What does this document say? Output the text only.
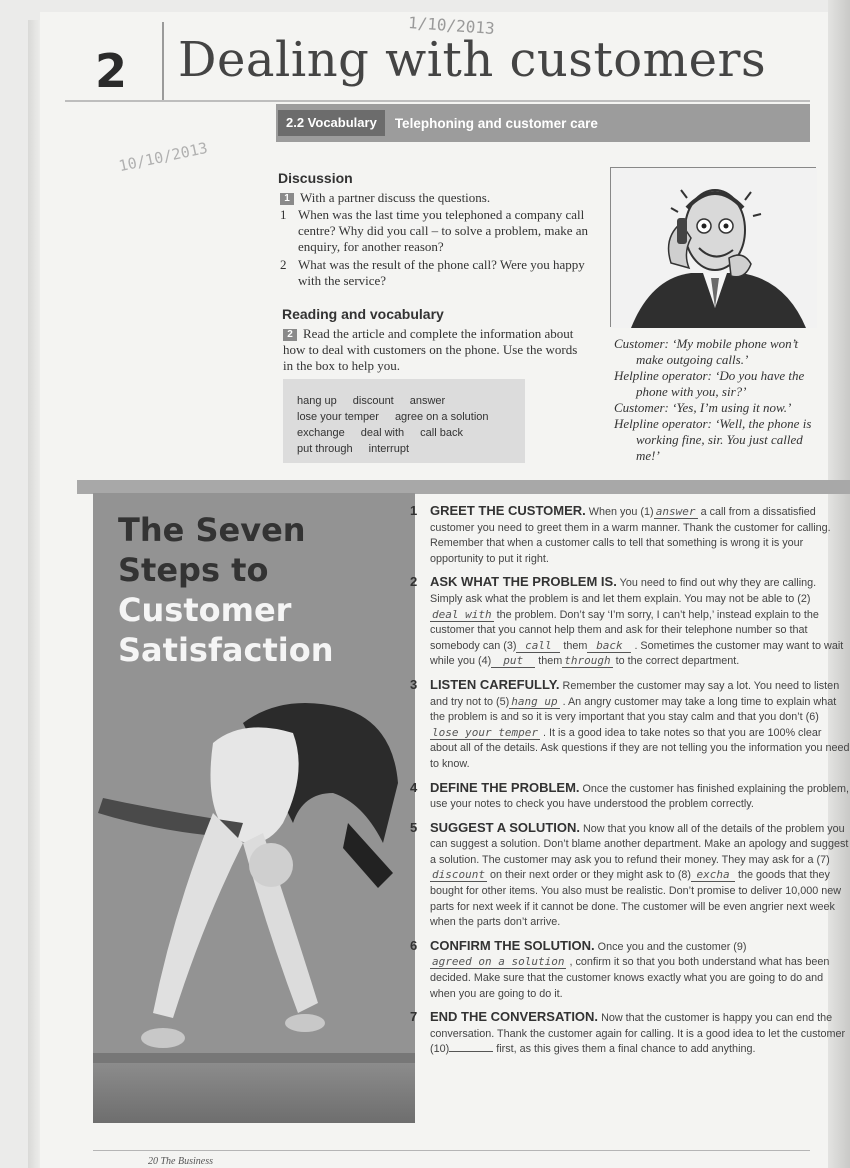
1/10/2013
10/10/2013
2 Dealing with customers
2.2 Vocabulary	Telephoning and customer care
Discussion
1 With a partner discuss the questions.
1 When was the last time you telephoned a company call centre? Why did you call – to solve a problem, make an enquiry, for another reason?
2 What was the result of the phone call? Were you happy with the service?
Reading and vocabulary
2 Read the article and complete the information about how to deal with customers on the phone. Use the words in the box to help you.
hang up discount answer
lose your temper agree on a solution
exchange deal with call back
put through interrupt

Customer: ‘My mobile phone won’t make outgoing calls.’

Helpline operator: ‘Do you have the phone with you, sir?’

Customer: ‘Yes, I’m using it now.’

Helpline operator: ‘Well, the phone is working fine, sir. You just called me!’

The Seven
Steps to
Customer
Satisfaction
1 GREET THE CUSTOMER. When you (1) answer a call from a dissatisfied customer you need to greet them in a warm manner. Thank the customer for calling. Remember that when a customer calls to tell that something is wrong it is your opportunity to put it right.
2 ASK WHAT THE PROBLEM IS. You need to find out why they are calling. Simply ask what the problem is and let them explain. You may not be able to (2)deal with the problem. Don’t say ‘I’m sorry, I can’t help,’ instead explain to the customer that you cannot help them and ask for their telephone number so that somebody can (3) call them back . Sometimes the customer may want to wait while you (4) put them through to the correct department.
3 LISTEN CAREFULLY. Remember the customer may say a lot. You need to listen and try not to (5) hang up . An angry customer may take a long time to explain what the problem is and so it is very important that you stay calm and that you don’t (6)lose your temper . It is a good idea to take notes so that you are 100% clear about all of the details. Ask questions if they are not telling you the information you need to know.
4 DEFINE THE PROBLEM. Once the customer has finished explaining the problem, use your notes to check you have understood the problem correctly.
5 SUGGEST A SOLUTION. Now that you know all of the details of the problem you can suggest a solution. Don’t blame another department. Make an apology and suggest a solution. The customer may ask you to refund their money. They may ask for a (7)discount on their next order or they might ask to (8) excha the goods that they bought for other items. You also must be realistic. Don’t promise to deliver 10,000 new parts for next week if it cannot be done. The customer will be even angrier next week when the parts don’t arrive.
6 CONFIRM THE SOLUTION. Once you and the customer (9)agreed on a solution , confirm it so that you both understand what has been decided. Make sure that the customer knows exactly what you are going to do and when you are going to do it.
7 END THE CONVERSATION. Now that the customer is happy you can end the conversation. Thank the customer again for calling. It is a good idea to let the customer (10)	first, as this gives them a final chance to add anything.
20 The Business
